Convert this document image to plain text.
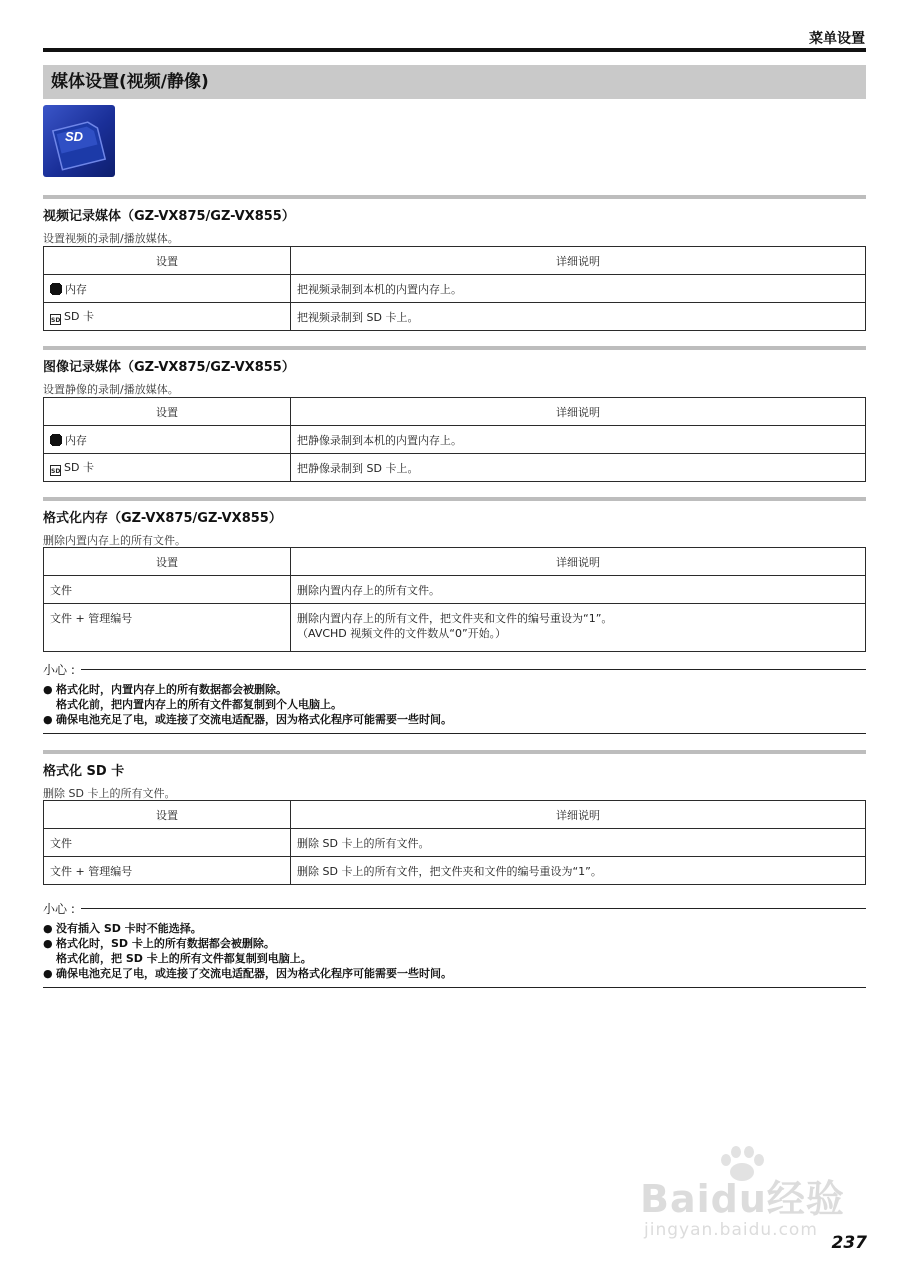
菜单设置
媒体设置(视频/静像)
SD
视频记录媒体（GZ-VX875/GZ-VX855）
设置视频的录制/播放媒体。
设置	详细说明
内存	把视频录制到本机的内置内存上。
SD SD 卡	把视频录制到 SD 卡上。
图像记录媒体（GZ-VX875/GZ-VX855）
设置静像的录制/播放媒体。
设置	详细说明
内存	把静像录制到本机的内置内存上。
SD SD 卡	把静像录制到 SD 卡上。
格式化内存（GZ-VX875/GZ-VX855）
删除内置内存上的所有文件。
设置	详细说明
文件	删除内置内存上的所有文件。
文件 + 管理编号	删除内置内存上的所有文件，把文件夹和文件的编号重设为“1”。
（AVCHD 视频文件的文件数从“0”开始。）
小心 :
● 格式化时，内置内存上的所有数据都会被删除。
格式化前，把内置内存上的所有文件都复制到个人电脑上。
● 确保电池充足了电，或连接了交流电适配器，因为格式化程序可能需要一些时间。
格式化 SD 卡
删除 SD 卡上的所有文件。
设置	详细说明
文件	删除 SD 卡上的所有文件。
文件 + 管理编号	删除 SD 卡上的所有文件，把文件夹和文件的编号重设为“1”。
小心 :
● 没有插入 SD 卡时不能选择。
● 格式化时，SD 卡上的所有数据都会被删除。
格式化前，把 SD 卡上的所有文件都复制到电脑上。
● 确保电池充足了电，或连接了交流电适配器，因为格式化程序可能需要一些时间。
Baidu经验
jingyan.baidu.com
237
